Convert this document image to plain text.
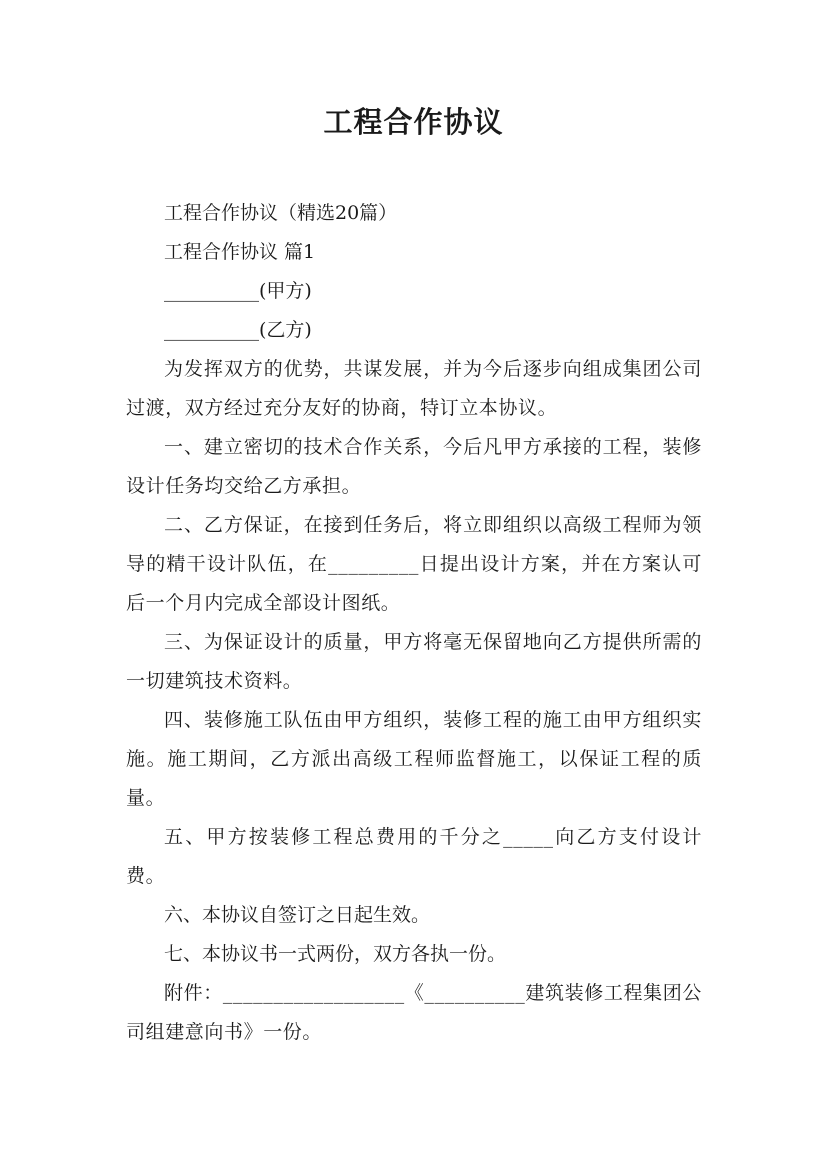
工程合作协议

工程合作协议（精选20篇）

工程合作协议 篇1

__________(甲方)

__________(乙方)

为发挥双方的优势，共谋发展，并为今后逐步向组成集团公司过渡，双方经过充分友好的协商，特订立本协议。

一、建立密切的技术合作关系，今后凡甲方承接的工程，装修设计任务均交给乙方承担。

二、乙方保证，在接到任务后，将立即组织以高级工程师为领导的精干设计队伍，在_________日提出设计方案，并在方案认可后一个月内完成全部设计图纸。

三、为保证设计的质量，甲方将毫无保留地向乙方提供所需的一切建筑技术资料。

四、装修施工队伍由甲方组织，装修工程的施工由甲方组织实施。施工期间，乙方派出高级工程师监督施工，以保证工程的质量。

五、甲方按装修工程总费用的千分之_____向乙方支付设计费。

六、本协议自签订之日起生效。

七、本协议书一式两份，双方各执一份。

附件：__________________《__________建筑装修工程集团公司组建意向书》一份。
